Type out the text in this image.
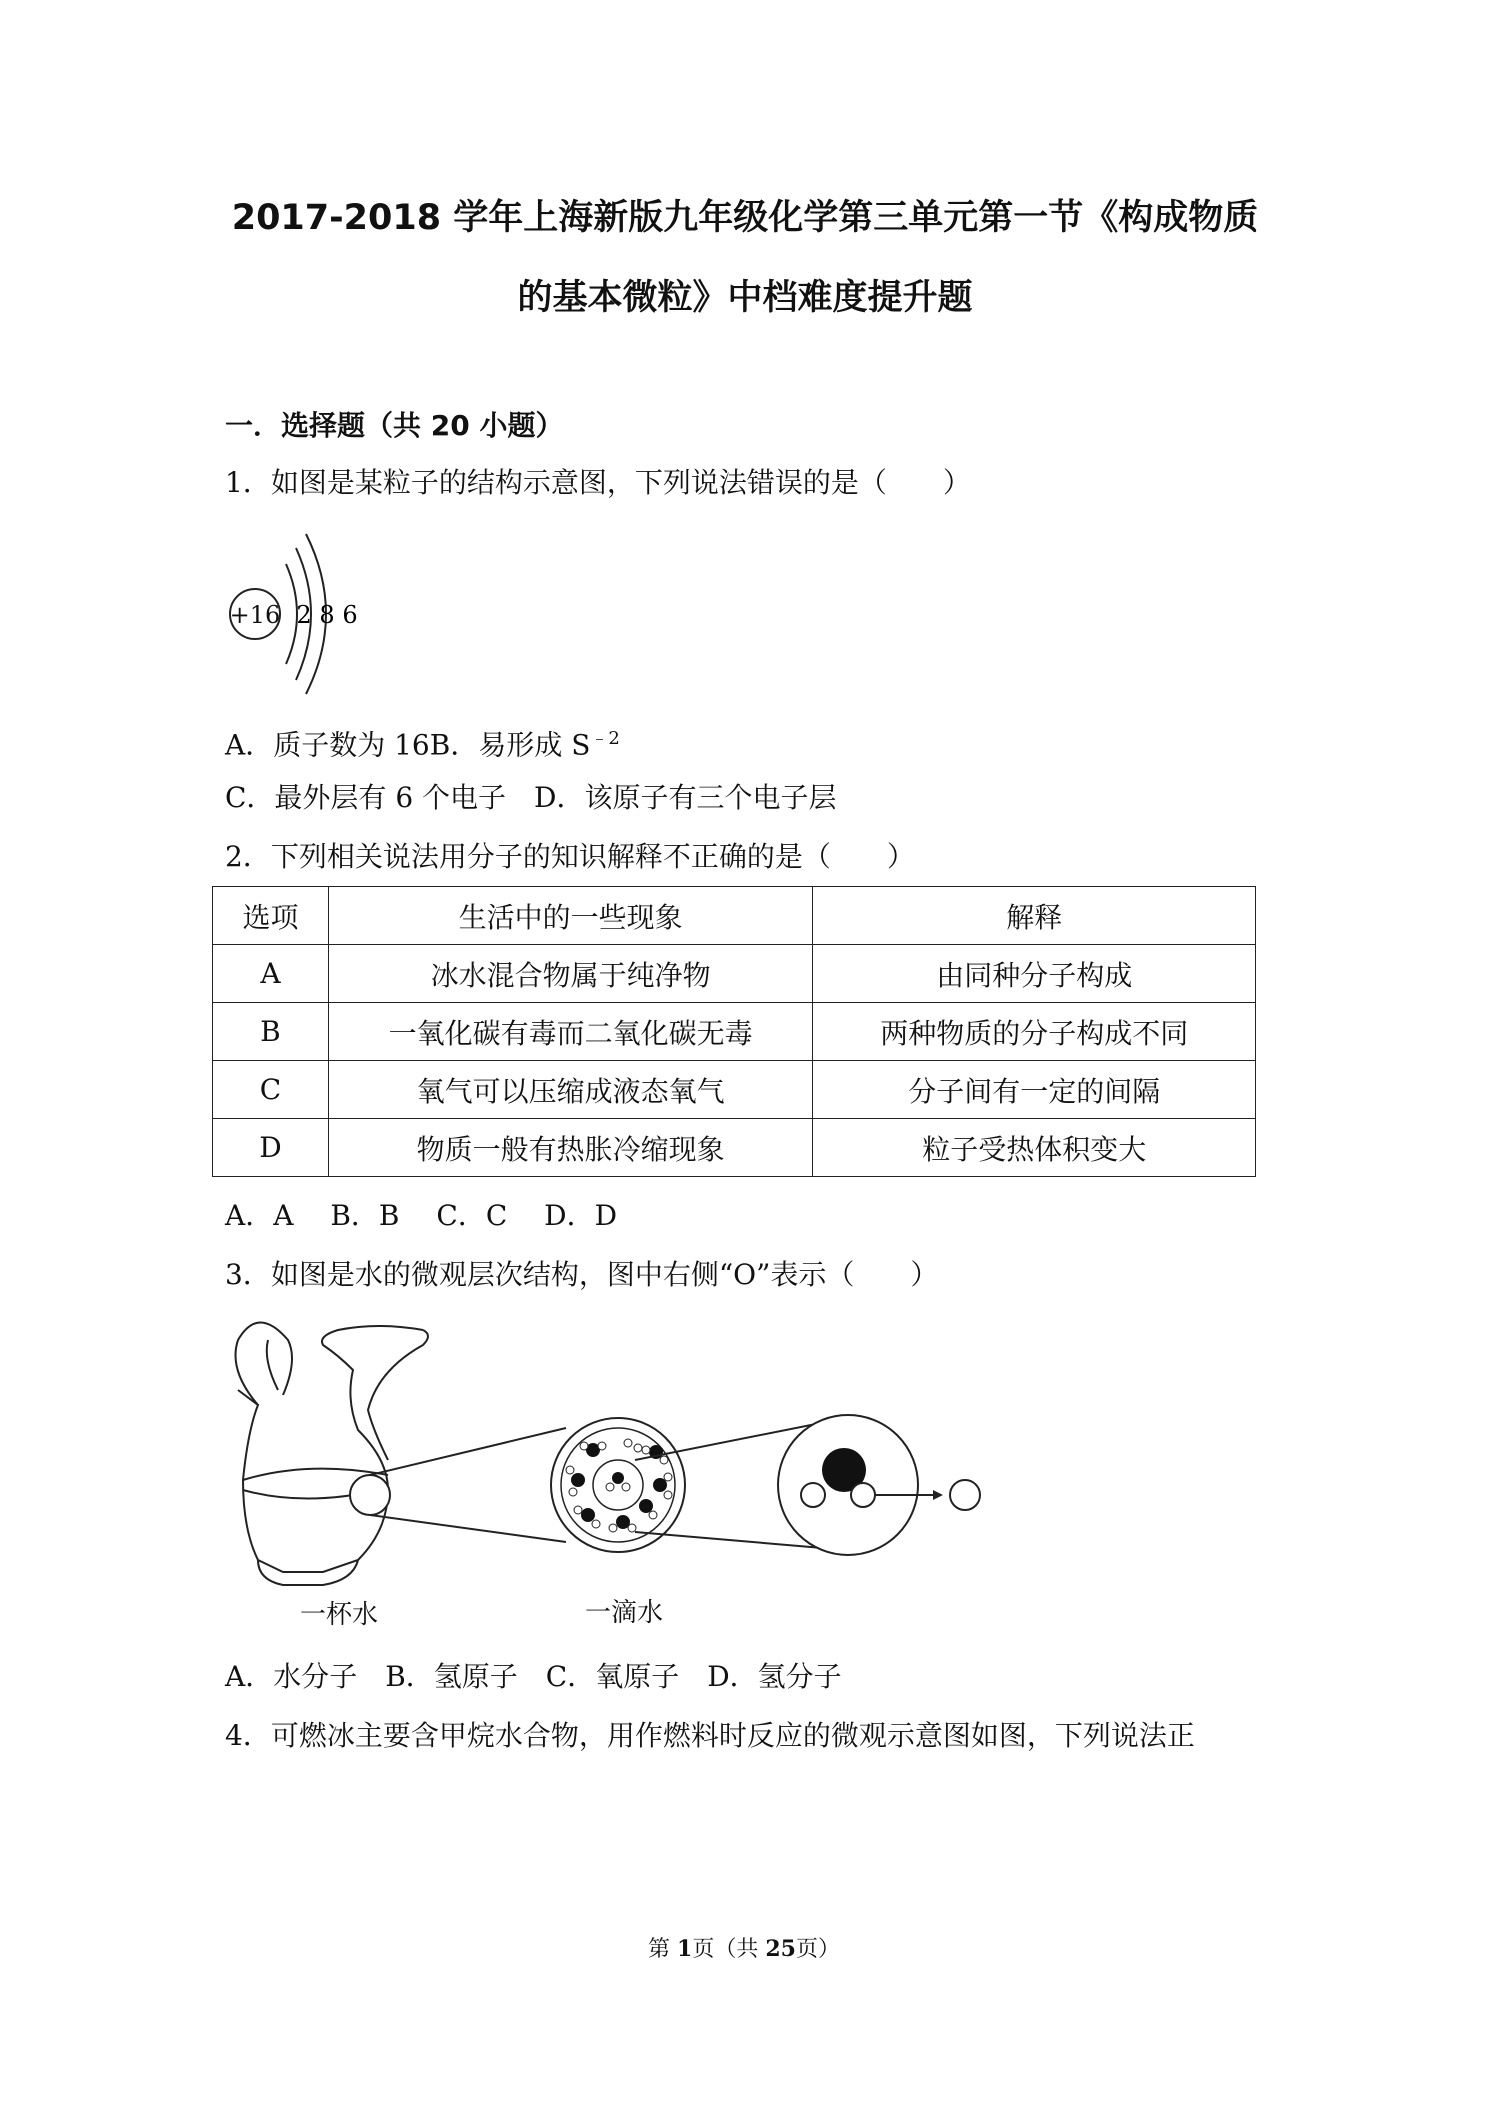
2017-2018 学年上海新版九年级化学第三单元第一节《构成物质
的基本微粒》中档难度提升题
一．选择题（共 20 小题）
1．如图是某粒子的结构示意图，下列说法错误的是（　　）
+16 2 8 6
A．质子数为 16B．易形成 $S^{﹣2}$
C．最外层有 6 个电子　D．该原子有三个电子层
2．下列相关说法用分子的知识解释不正确的是（　　）
选项	生活中的一些现象	解释
A	冰水混合物属于纯净物	由同种分子构成
B	一氧化碳有毒而二氧化碳无毒	两种物质的分子构成不同
C	氧气可以压缩成液态氧气	分子间有一定的间隔
D	物质一般有热胀冷缩现象	粒子受热体积变大
A．A　 B．B　 C．C　 D．D
3．如图是水的微观层次结构，图中右侧“O”表示（　　）
一杯水	一滴水
A．水分子　B．氢原子　C．氧原子　D．氢分子
4．可燃冰主要含甲烷水合物，用作燃料时反应的微观示意图如图，下列说法正
第 1页（共 25页）
